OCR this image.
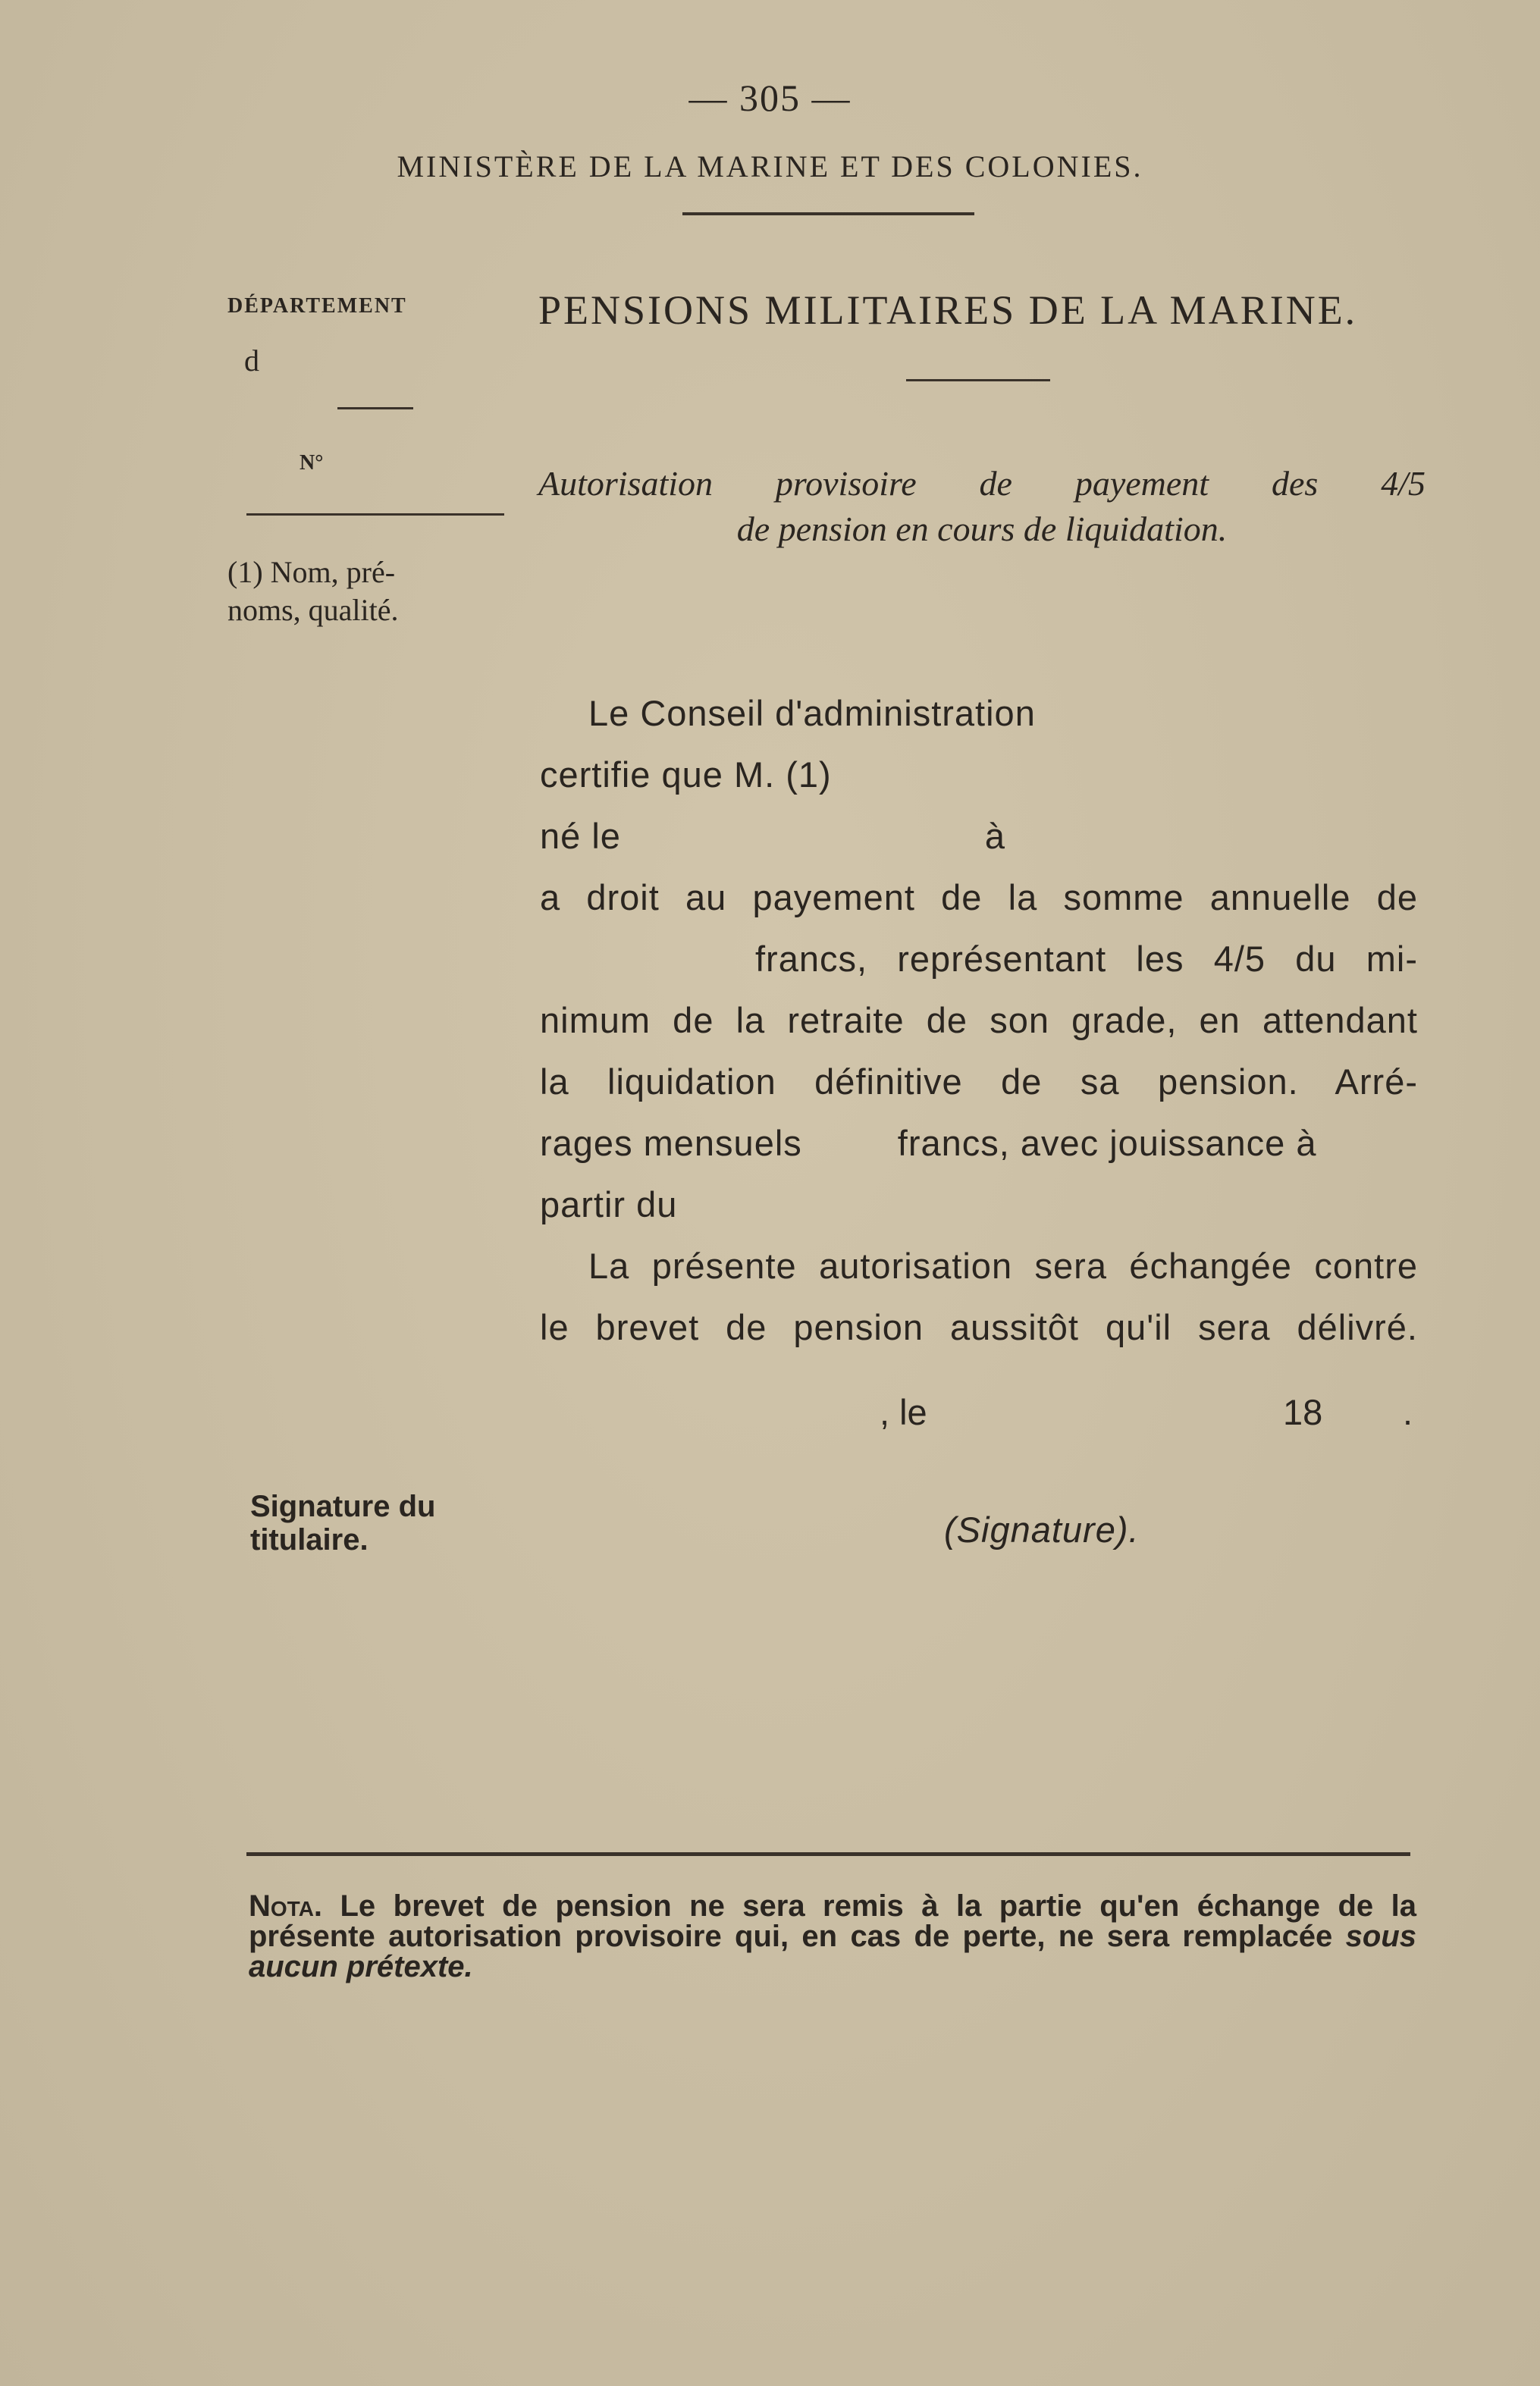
— 305 —
MINISTÈRE DE LA MARINE ET DES COLONIES.
DÉPARTEMENT
d
N°
(1) Nom, pré-
noms, qualité.
Signature du
titulaire.
PENSIONS MILITAIRES DE LA MARINE.
Autorisation provisoire de payement des 4/5
de pension en cours de liquidation.

Le Conseil d'administration
certifie que M. (1)
né le	à
a droit au payement de la somme annuelle de
francs, représentant les 4/5 du mi-
nimum de la retraite de son grade, en attendant
la liquidation définitive de sa pension. Arré-
rages mensuels	francs, avec jouissance à
partir du

La présente autorisation sera échangée contre
le brevet de pension aussitôt qu'il sera délivré.

, le	18 .
(Signature).
Nota. Le brevet de pension ne sera remis à la partie qu'en échange de la présente autorisation provisoire qui, en cas de perte, ne sera remplacée sous aucun prétexte.
